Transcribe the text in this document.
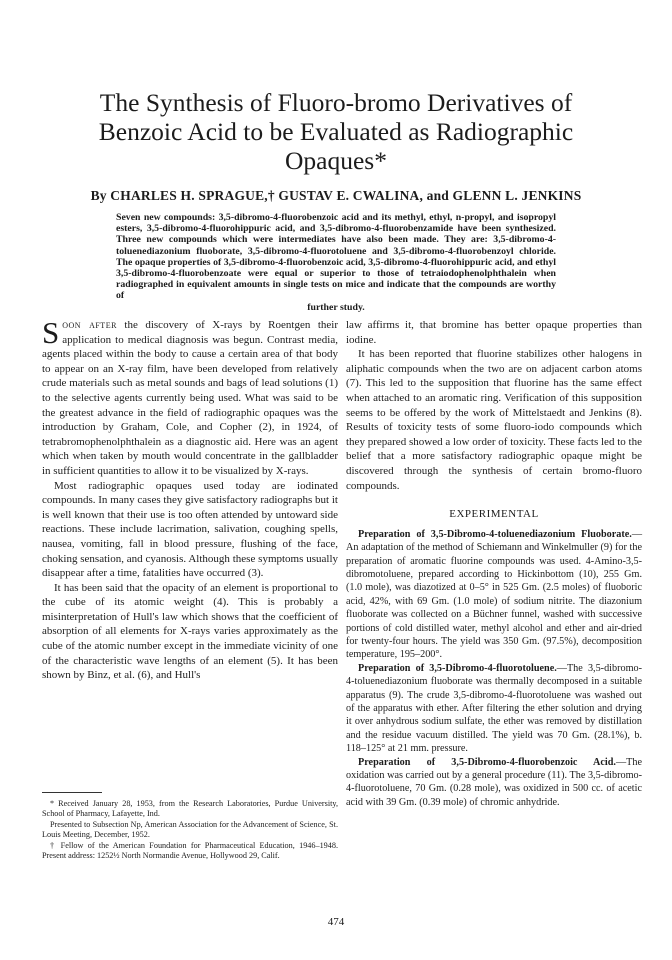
The Synthesis of Fluoro-bromo Derivatives of Benzoic Acid to be Evaluated as Radiographic Opaques*
By CHARLES H. SPRAGUE,† GUSTAV E. CWALINA, and GLENN L. JENKINS
Seven new compounds: 3,5-dibromo-4-fluorobenzoic acid and its methyl, ethyl, n-propyl, and isopropyl esters, 3,5-dibromo-4-fluorohippuric acid, and 3,5-dibromo-4-fluorobenzamide have been synthesized. Three new compounds which were intermediates have also been made. They are: 3,5-dibromo-4-toluenediazonium fluoborate, 3,5-dibromo-4-fluorotoluene and 3,5-dibromo-4-fluorobenzoyl chloride. The opaque properties of 3,5-dibromo-4-fluorobenzoic acid, 3,5-dibromo-4-fluorohippuric acid, and ethyl 3,5-dibromo-4-fluorobenzoate were equal or superior to those of tetraiodophenolphthalein when radiographed in equivalent amounts in single tests on mice and indicate that the compounds are worthy of
further study.

Soon after the discovery of X-rays by Roentgen their application to medical diagnosis was begun. Contrast media, agents placed within the body to cause a certain area of that body to appear on an X-ray film, have been developed from relatively crude materials such as metal sounds and bags of lead solutions (1) to the selective agents currently being used. What was said to be the greatest advance in the field of radiographic opaques was the introduction by Graham, Cole, and Copher (2), in 1924, of tetrabromophenolphthalein as a diagnostic aid. Here was an agent which when taken by mouth would concentrate in the gallbladder in sufficient quantities to allow it to be visualized by X-rays.

Most radiographic opaques used today are iodinated compounds. In many cases they give satisfactory radiographs but it is well known that their use is too often attended by untoward side reactions. These include lacrimation, salivation, coughing spells, nausea, vomiting, fall in blood pressure, flushing of the face, choking sensation, and cyanosis. Although these symptoms usually disappear after a time, fatalities have occurred (3).

It has been said that the opacity of an element is proportional to the cube of its atomic weight (4). This is probably a misinterpretation of Hull's law which shows that the coefficient of absorption of all elements for X-rays varies approximately as the cube of the atomic number except in the immediate vicinity of one of the characteristic wave lengths of an element (5). It has been shown by Binz, et al. (6), and Hull's

law affirms it, that bromine has better opaque properties than iodine.

It has been reported that fluorine stabilizes other halogens in aliphatic compounds when the two are on adjacent carbon atoms (7). This led to the supposition that fluorine has the same effect when attached to an aromatic ring. Verification of this supposition seems to be offered by the work of Mittelstaedt and Jenkins (8). Results of toxicity tests of some fluoro-iodo compounds which they prepared showed a low order of toxicity. These facts led to the belief that a more satisfactory radiographic opaque might be discovered through the synthesis of certain bromo-fluoro compounds.

EXPERIMENTAL

Preparation of 3,5-Dibromo-4-toluenediazonium Fluoborate.—An adaptation of the method of Schiemann and Winkelmuller (9) for the preparation of aromatic fluorine compounds was used. 4-Amino-3,5-dibromotoluene, prepared according to Hickinbottom (10), 255 Gm. (1.0 mole), was diazotized at 0–5° in 525 Gm. (2.5 moles) of fluoboric acid, 42%, with 69 Gm. (1.0 mole) of sodium nitrite. The diazonium fluoborate was collected on a Büchner funnel, washed with successive portions of cold distilled water, methyl alcohol and ether and air-dried for twenty-four hours. The yield was 350 Gm. (97.5%), decomposition temperature, 195–200°.

Preparation of 3,5-Dibromo-4-fluorotoluene.—The 3,5-dibromo-4-toluenediazonium fluoborate was thermally decomposed in a suitable apparatus (9). The crude 3,5-dibromo-4-fluorotoluene was washed out of the apparatus with ether. After filtering the ether solution and drying it over anhydrous sodium sulfate, the ether was removed by distillation and the residue vacuum distilled. The yield was 70 Gm. (28.1%), b. 118–125° at 21 mm. pressure.

Preparation of 3,5-Dibromo-4-fluorobenzoic Acid.—The oxidation was carried out by a general procedure (11). The 3,5-dibromo-4-fluorotoluene, 70 Gm. (0.28 mole), was oxidized in 500 cc. of acetic acid with 39 Gm. (0.39 mole) of chromic anhydride.

* Received January 28, 1953, from the Research Laboratories, Purdue University, School of Pharmacy, Lafayette, Ind.

Presented to Subsection Np, American Association for the Advancement of Science, St. Louis Meeting, December, 1952.

† Fellow of the American Foundation for Pharmaceutical Education, 1946–1948. Present address: 1252½ North Normandie Avenue, Hollywood 29, Calif.

474
